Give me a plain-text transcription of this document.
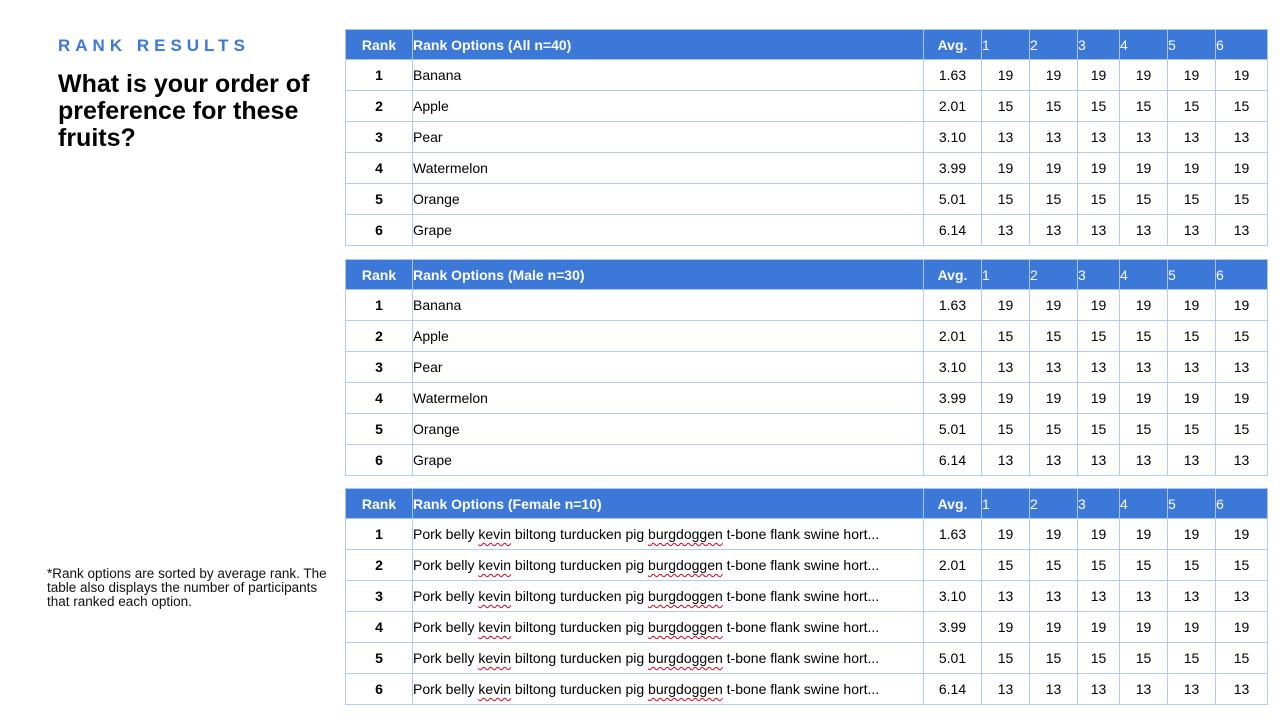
RANK RESULTS
What is your order of preference for these fruits?
*Rank options are sorted by average rank. The table also displays the number of participants that ranked each option.
Rank	Rank Options (All n=40)	Avg.	1	2	3	4	5	6
1	Banana	1.63	19	19	19	19	19	19
2	Apple	2.01	15	15	15	15	15	15
3	Pear	3.10	13	13	13	13	13	13
4	Watermelon	3.99	19	19	19	19	19	19
5	Orange	5.01	15	15	15	15	15	15
6	Grape	6.14	13	13	13	13	13	13
Rank	Rank Options (Male n=30)	Avg.	1	2	3	4	5	6
1	Banana	1.63	19	19	19	19	19	19
2	Apple	2.01	15	15	15	15	15	15
3	Pear	3.10	13	13	13	13	13	13
4	Watermelon	3.99	19	19	19	19	19	19
5	Orange	5.01	15	15	15	15	15	15
6	Grape	6.14	13	13	13	13	13	13
Rank	Rank Options (Female n=10)	Avg.	1	2	3	4	5	6
1	Pork belly kevin biltong turducken pig burgdoggen t-bone flank swine hort...	1.63	19	19	19	19	19	19
2	Pork belly kevin biltong turducken pig burgdoggen t-bone flank swine hort...	2.01	15	15	15	15	15	15
3	Pork belly kevin biltong turducken pig burgdoggen t-bone flank swine hort...	3.10	13	13	13	13	13	13
4	Pork belly kevin biltong turducken pig burgdoggen t-bone flank swine hort...	3.99	19	19	19	19	19	19
5	Pork belly kevin biltong turducken pig burgdoggen t-bone flank swine hort...	5.01	15	15	15	15	15	15
6	Pork belly kevin biltong turducken pig burgdoggen t-bone flank swine hort...	6.14	13	13	13	13	13	13
